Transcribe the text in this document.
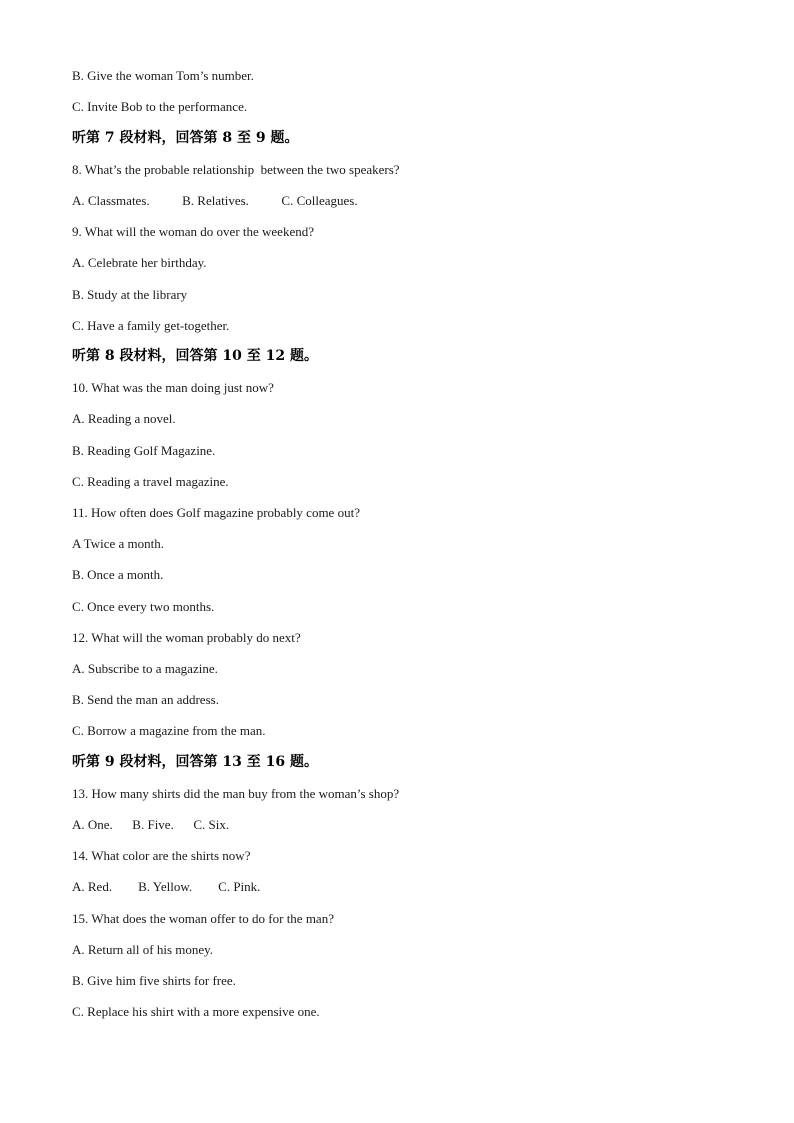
B. Give the woman Tom’s number.
C. Invite Bob to the performance.
听第 7 段材料，回答第 8 至 9 题。
8. What’s the probable relationship  between the two speakers?
A. Classmates.          B. Relatives.          C. Colleagues.
9. What will the woman do over the weekend?
A. Celebrate her birthday.
B. Study at the library
C. Have a family get-together.
听第 8 段材料，回答第 10 至 12 题。
10. What was the man doing just now?
A. Reading a novel.
B. Reading Golf Magazine.
C. Reading a travel magazine.
11. How often does Golf magazine probably come out?
A Twice a month.
B. Once a month.
C. Once every two months.
12. What will the woman probably do next?
A. Subscribe to a magazine.
B. Send the man an address.
C. Borrow a magazine from the man.
听第 9 段材料，回答第 13 至 16 题。
13. How many shirts did the man buy from the woman’s shop?
A. One.      B. Five.      C. Six.
14. What color are the shirts now?
A. Red.        B. Yellow.        C. Pink.
15. What does the woman offer to do for the man?
A. Return all of his money.
B. Give him five shirts for free.
C. Replace his shirt with a more expensive one.
